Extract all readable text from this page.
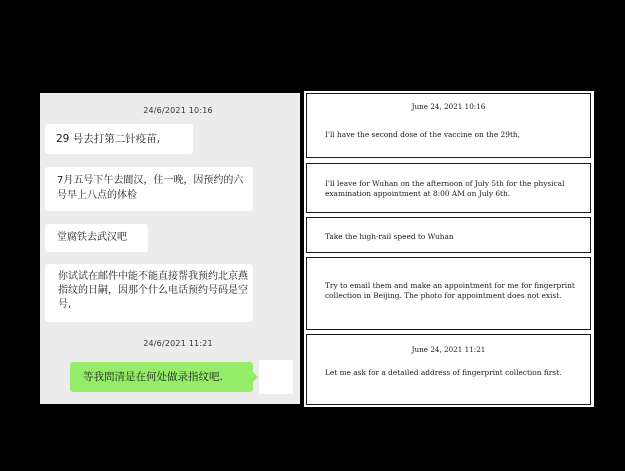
24/6/2021 10:16
29 号去打第二针疫苗,
7月五号下午去閬汉，住一晚，因预约的六号早上八点的体检
堂腐铁去武汉吧
你试试在邮件中能不能直接帮我预约北京燕指纹的日嗣，因那个什么电话预约号码是空号,
24/6/2021 11:21
等我問清是在何处做录指纹吧.
June 24, 2021 10:16
I'll have the second dose of the vaccine on the 29th,
I'll leave for Wuhan on the afternoon of July 5th for the physical examination appointment at 8:00 AM on July 6th.
Take the high-rail speed to Wuhan
Try to email them and make an appointment for me for fingerprint collection in Beijing. The photo for appointment does not exist.
June 24, 2021 11:21
Let me ask for a detailed address of fingerprint collection first.
